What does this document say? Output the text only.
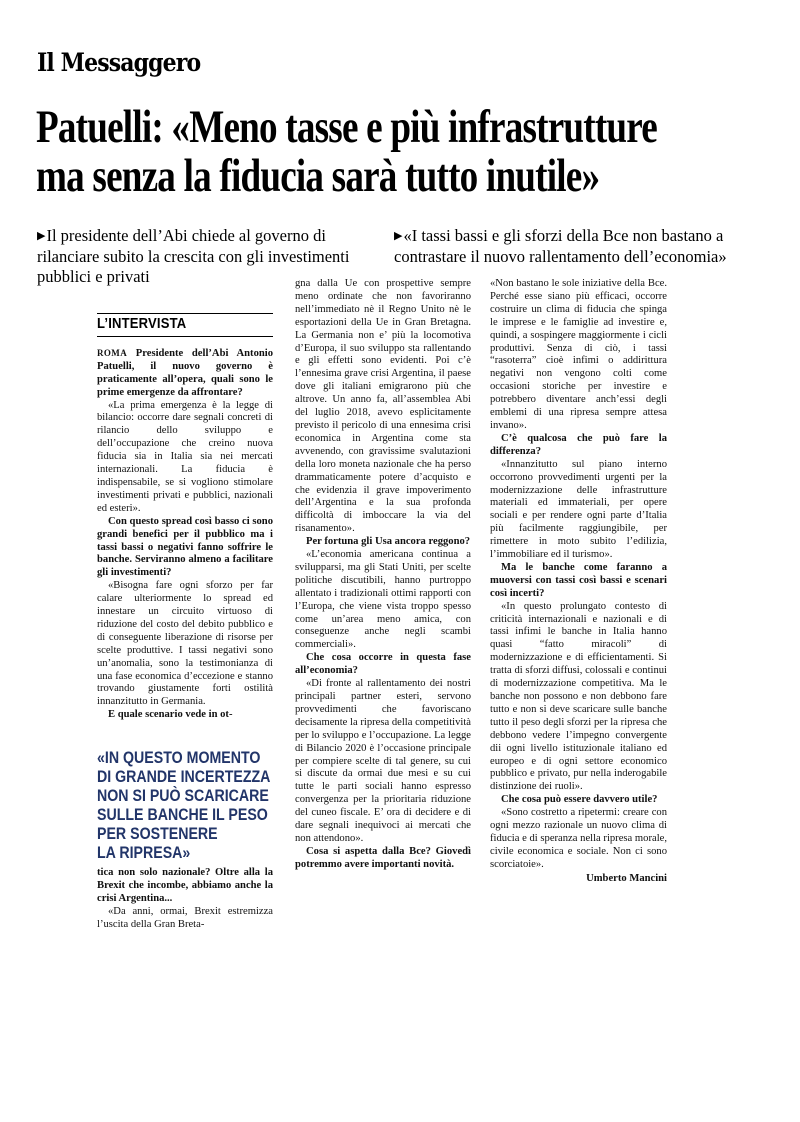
Il Messaggero
Patuelli: «Meno tasse e più infrastrutture
ma senza la fiducia sarà tutto inutile»
▶Il presidente dell’Abi chiede al governo di rilanciare subito la crescita con gli investimenti pubblici e privati
▶«I tassi bassi e gli sforzi della Bce non bastano a contrastare il nuovo rallentamento dell’economia»
L’INTERVISTA

ROMA Presidente dell’Abi Antonio Patuelli, il nuovo governo è praticamente all’opera, quali sono le prime emergenze da affrontare?

«La prima emergenza è la legge di bilancio: occorre dare segnali concreti di rilancio dello sviluppo e dell’occupazione che creino nuova fiducia sia in Italia sia nei mercati internazionali. La fiducia è indispensabile, se si vogliono stimolare investimenti privati e pubblici, nazionali ed esteri».

Con questo spread così basso ci sono grandi benefici per il pubblico ma i tassi bassi o negativi fanno soffrire le banche. Serviranno almeno a facilitare gli investimenti?

«Bisogna fare ogni sforzo per far calare ulteriormente lo spread ed innestare un circuito virtuoso di riduzione del costo del debito pubblico e di conseguente liberazione di risorse per scelte produttive. I tassi negativi sono un’anomalia, sono la testimonianza di una fase economica d’eccezione e stanno trovando giustamente forti ostilità innanzitutto in Germania.

E quale scenario vede in ot-

«IN QUESTO MOMENTO
DI GRANDE INCERTEZZA
NON SI PUÒ SCARICARE
SULLE BANCHE IL PESO
PER SOSTENERE
LA RIPRESA»

tica non solo nazionale? Oltre alla la Brexit che incombe, abbiamo anche la crisi Argentina...

«Da anni, ormai, Brexit estremizza l’uscita della Gran Breta-

gna dalla Ue con prospettive sempre meno ordinate che non favoriranno nell’immediato nè il Regno Unito nè le esportazioni della Ue in Gran Bretagna. La Germania non e’ più la locomotiva d’Europa, il suo sviluppo sta rallentando e gli effetti sono evidenti. Poi c’è l’ennesima grave crisi Argentina, il paese dove gli italiani emigrarono più che altrove. Un anno fa, all’assemblea Abi del luglio 2018, avevo esplicitamente previsto il pericolo di una ennesima crisi economica in Argentina come sta avvenendo, con gravissime svalutazioni della loro moneta nazionale che ha perso drammaticamente potere d’acquisto e che evidenzia il grave impoverimento dell’Argentina e la sua profonda difficoltà di imboccare la via del risanamento».

Per fortuna gli Usa ancora reggono?

«L’economia americana continua a svilupparsi, ma gli Stati Uniti, per scelte politiche discutibili, hanno purtroppo allentato i tradizionali ottimi rapporti con l’Europa, che viene vista troppo spesso come un’area meno amica, con conseguenze anche negli scambi commerciali».

Che cosa occorre in questa fase all’economia?

«Di fronte al rallentamento dei nostri principali partner esteri, servono provvedimenti che favoriscano decisamente la ripresa della competitività per lo sviluppo e l’occupazione. La legge di Bilancio 2020 è l’occasione principale per compiere scelte di tal genere, su cui si discute da ormai due mesi e su cui tutte le parti sociali hanno espresso convergenza per la prioritaria riduzione del cuneo fiscale. E’ ora di decidere e di dare segnali inequivoci ai mercati che non attendono».

Cosa si aspetta dalla Bce? Giovedì potremmo avere importanti novità.

«Non bastano le sole iniziative della Bce. Perché esse siano più efficaci, occorre costruire un clima di fiducia che spinga le imprese e le famiglie ad investire e, quindi, a sospingere maggiormente i cicli produttivi. Senza di ciò, i tassi “rasoterra” cioè infimi o addirittura negativi non vengono colti come occasioni storiche per investire e potrebbero diventare anch’essi degli emblemi di una ripresa sempre attesa invano».

C’è qualcosa che può fare la differenza?

«Innanzitutto sul piano interno occorrono provvedimenti urgenti per la modernizzazione delle infrastrutture materiali ed immateriali, per opere sociali e per rendere ogni parte d’Italia più facilmente raggiungibile, per rimettere in moto subito l’edilizia, l’immobiliare ed il turismo».

Ma le banche come faranno a muoversi con tassi così bassi e scenari così incerti?

«In questo prolungato contesto di criticità internazionali e nazionali e di tassi infimi le banche in Italia hanno quasi “fatto miracoli” di modernizzazione e di efficientamenti. Si tratta di sforzi diffusi, colossali e continui di modernizzazione competitiva. Ma le banche non possono e non debbono fare tutto e non si deve scaricare sulle banche tutto il peso degli sforzi per la ripresa che debbono vedere l’impegno convergente dii ogni livello istituzionale italiano ed europeo e di ogni settore economico pubblico e privato, pur nella inderogabile distinzione dei ruoli».

Che cosa può essere davvero utile?

«Sono costretto a ripetermi: creare con ogni mezzo razionale un nuovo clima di fiducia e di speranza nella ripresa morale, civile economica e sociale. Non ci sono scorciatoie».

Umberto Mancini
